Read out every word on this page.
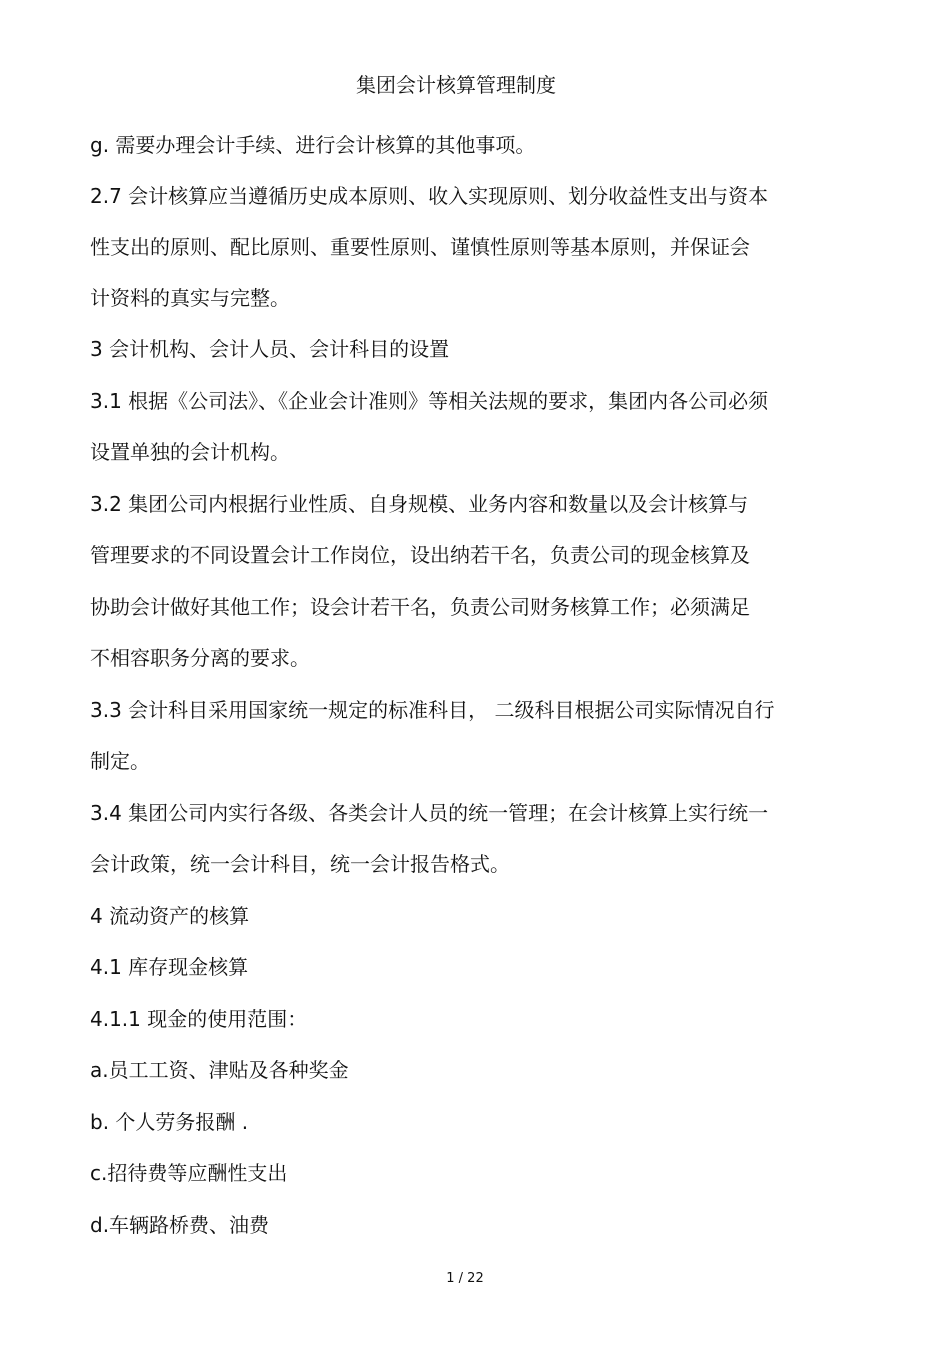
集团会计核算管理制度
g. 需要办理会计手续、进行会计核算的其他事项。
2.7 会计核算应当遵循历史成本原则、收入实现原则、划分收益性支出与资本
性支出的原则、配比原则、重要性原则、谨慎性原则等基本原则，并保证会
计资料的真实与完整。
3 会计机构、会计人员、会计科目的设置
3.1 根据《公司法》、《企业会计准则》等相关法规的要求，集团内各公司必须
设置单独的会计机构。
3.2 集团公司内根据行业性质、自身规模、业务内容和数量以及会计核算与
管理要求的不同设置会计工作岗位，设出纳若干名，负责公司的现金核算及
协助会计做好其他工作；设会计若干名，负责公司财务核算工作；必须满足
不相容职务分离的要求。
3.3 会计科目采用国家统一规定的标准科目， 二级科目根据公司实际情况自行
制定。
3.4 集团公司内实行各级、各类会计人员的统一管理；在会计核算上实行统一
会计政策，统一会计科目，统一会计报告格式。
4 流动资产的核算
4.1 库存现金核算
4.1.1 现金的使用范围：
a.员工工资、津贴及各种奖金
b. 个人劳务报酬 .
c.招待费等应酬性支出
d.车辆路桥费、油费
1 / 22
